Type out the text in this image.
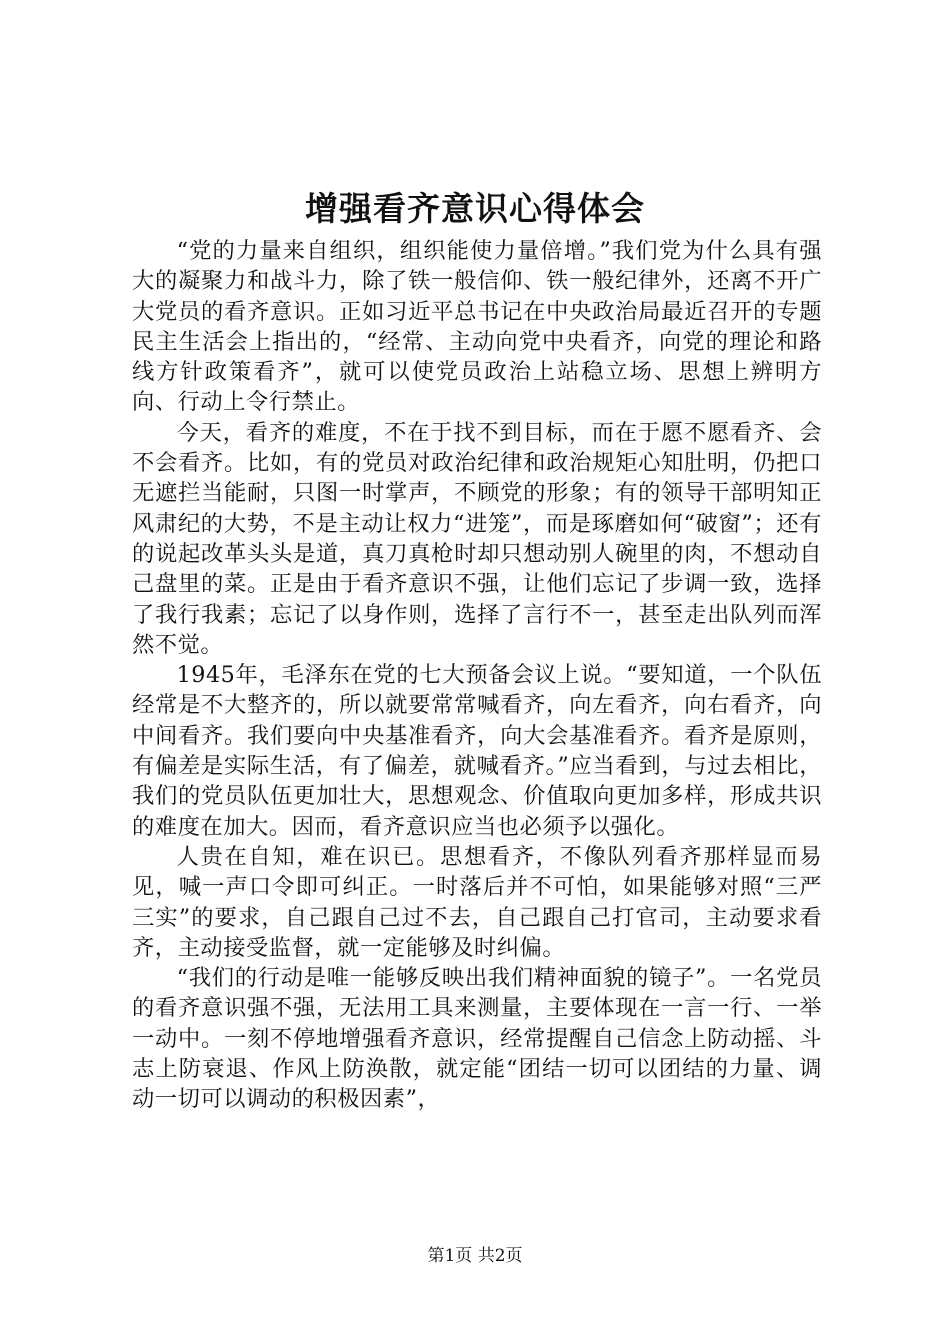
增强看齐意识心得体会

“党的力量来自组织，组织能使力量倍增。”我们党为什么具有强大的凝聚力和战斗力，除了铁一般信仰、铁一般纪律外，还离不开广大党员的看齐意识。正如习近平总书记在中央政治局最近召开的专题民主生活会上指出的，“经常、主动向党中央看齐，向党的理论和路线方针政策看齐”，就可以使党员政治上站稳立场、思想上辨明方向、行动上令行禁止。

今天，看齐的难度，不在于找不到目标，而在于愿不愿看齐、会不会看齐。比如，有的党员对政治纪律和政治规矩心知肚明，仍把口无遮拦当能耐，只图一时掌声，不顾党的形象；有的领导干部明知正风肃纪的大势，不是主动让权力“进笼”，而是琢磨如何“破窗”；还有的说起改革头头是道，真刀真枪时却只想动别人碗里的肉，不想动自己盘里的菜。正是由于看齐意识不强，让他们忘记了步调一致，选择了我行我素；忘记了以身作则，选择了言行不一，甚至走出队列而浑然不觉。

1945年，毛泽东在党的七大预备会议上说。“要知道，一个队伍经常是不大整齐的，所以就要常常喊看齐，向左看齐，向右看齐，向中间看齐。我们要向中央基准看齐，向大会基准看齐。看齐是原则，有偏差是实际生活，有了偏差，就喊看齐。”应当看到，与过去相比，我们的党员队伍更加壮大，思想观念、价值取向更加多样，形成共识的难度在加大。因而，看齐意识应当也必须予以强化。

人贵在自知，难在识已。思想看齐，不像队列看齐那样显而易见，喊一声口令即可纠正。一时落后并不可怕，如果能够对照“三严三实”的要求，自己跟自己过不去，自己跟自己打官司，主动要求看齐，主动接受监督，就一定能够及时纠偏。

“我们的行动是唯一能够反映出我们精神面貌的镜子”。一名党员的看齐意识强不强，无法用工具来测量，主要体现在一言一行、一举一动中。一刻不停地增强看齐意识，经常提醒自己信念上防动摇、斗志上防衰退、作风上防涣散，就定能“团结一切可以团结的力量、调动一切可以调动的积极因素”，

第1页 共2页
